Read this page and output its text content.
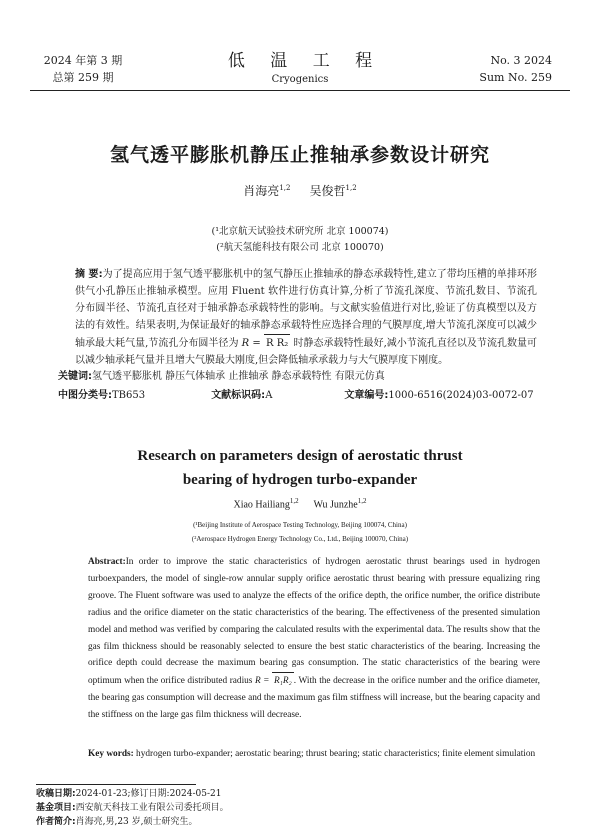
2024 年第 3 期
总第 259 期
低 温 工 程
Cryogenics
No. 3 2024
Sum No. 259
氢气透平膨胀机静压止推轴承参数设计研究
肖海亮$^{1,2}$ 吴俊哲$^{1,2}$
(¹北京航天试验技术研究所 北京 100074)
(²航天氢能科技有限公司 北京 100070)
摘 要:为了提高应用于氢气透平膨胀机中的氢气静压止推轴承的静态承载特性,建立了带均压槽的单排环形供气小孔静压止推轴承模型。应用 Fluent 软件进行仿真计算,分析了节流孔深度、节流孔数目、节流孔分布圆半径、节流孔直径对于轴承静态承载特性的影响。与文献实验值进行对比,验证了仿真模型以及方法的有效性。结果表明,为保证最好的轴承静态承载特性应选择合理的气膜厚度,增大节流孔深度可以减少轴承最大耗气量,节流孔分布圆半径为 R = R R₂ 时静态承载特性最好,减小节流孔直径以及节流孔数量可以减少轴承耗气量并且增大气膜最大刚度,但会降低轴承承载力与大气膜厚度下刚度。
关键词:氢气透平膨胀机 静压气体轴承 止推轴承 静态承载特性 有限元仿真
中图分类号:TB653	文献标识码:A	文章编号:1000-6516(2024)03-0072-07
Research on parameters design of aerostatic thrust
bearing of hydrogen turbo-expander
Xiao Hailiang$^{1,2}$ Wu Junzhe$^{1,2}$
(¹Beijing Institute of Aerospace Testing Technology, Beijing 100074, China)
(²Aerospace Hydrogen Energy Technology Co., Ltd., Beijing 100070, China)
Abstract:In order to improve the static characteristics of hydrogen aerostatic thrust bearings used in hydrogen turboexpanders, the model of single-row annular supply orifice aerostatic thrust bearing with pressure equalizing ring groove. The Fluent software was used to analyze the effects of the orifice depth, the orifice number, the orifice distribute radius and the orifice diameter on the static characteristics of the bearing. The effectiveness of the presented simulation model and method was verified by comparing the calculated results with the experimental data. The results show that the gas film thickness should be reasonably selected to ensure the best static characteristics of the bearing. Increasing the orifice depth could decrease the maximum bearing gas consumption. The static characteristics of the bearing were optimum when the orifice distributed radius R = R₁R₂ . With the decrease in the orifice number and the orifice diameter, the bearing gas consumption will decrease and the maximum gas film stiffness will increase, but the bearing capacity and the stiffness on the large gas film thickness will decrease.
Key words: hydrogen turbo-expander; aerostatic bearing; thrust bearing; static characteristics; finite element simulation
收稿日期:2024-01-23;修订日期:2024-05-21
基金项目:西安航天科技工业有限公司委托项目。
作者简介:肖海亮,男,23 岁,硕士研究生。
